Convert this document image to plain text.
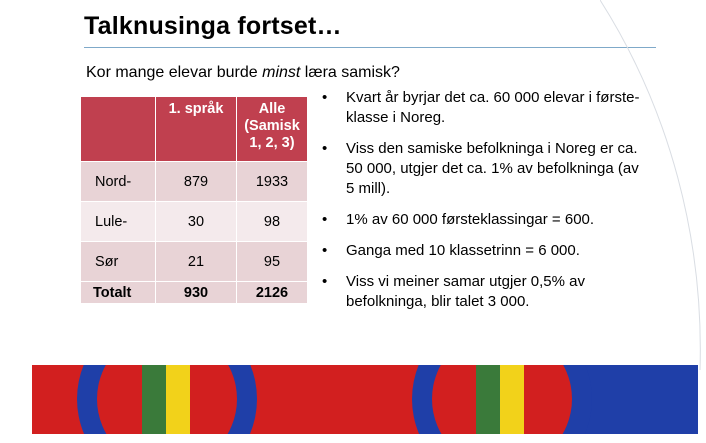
Talknusinga fortset…
Kor mange elevar burde minst læra samisk?
	1. språk	Alle (Samisk 1, 2, 3)
Nord-	879	1933
Lule-	30	98
Sør	21	95
Totalt	930	2126
• Kvart år byrjar det ca. 60 000 elevar i førsteklasse i Noreg.
• Viss den samiske befolkninga i Noreg er ca. 50 000, utgjer det ca. 1% av befolkninga (av 5 mill).
• 1% av 60 000 førsteklassingar = 600.
• Ganga med 10 klassetrinn = 6 000.
• Viss vi meiner samar utgjer 0,5% av befolkninga, blir talet 3 000.
